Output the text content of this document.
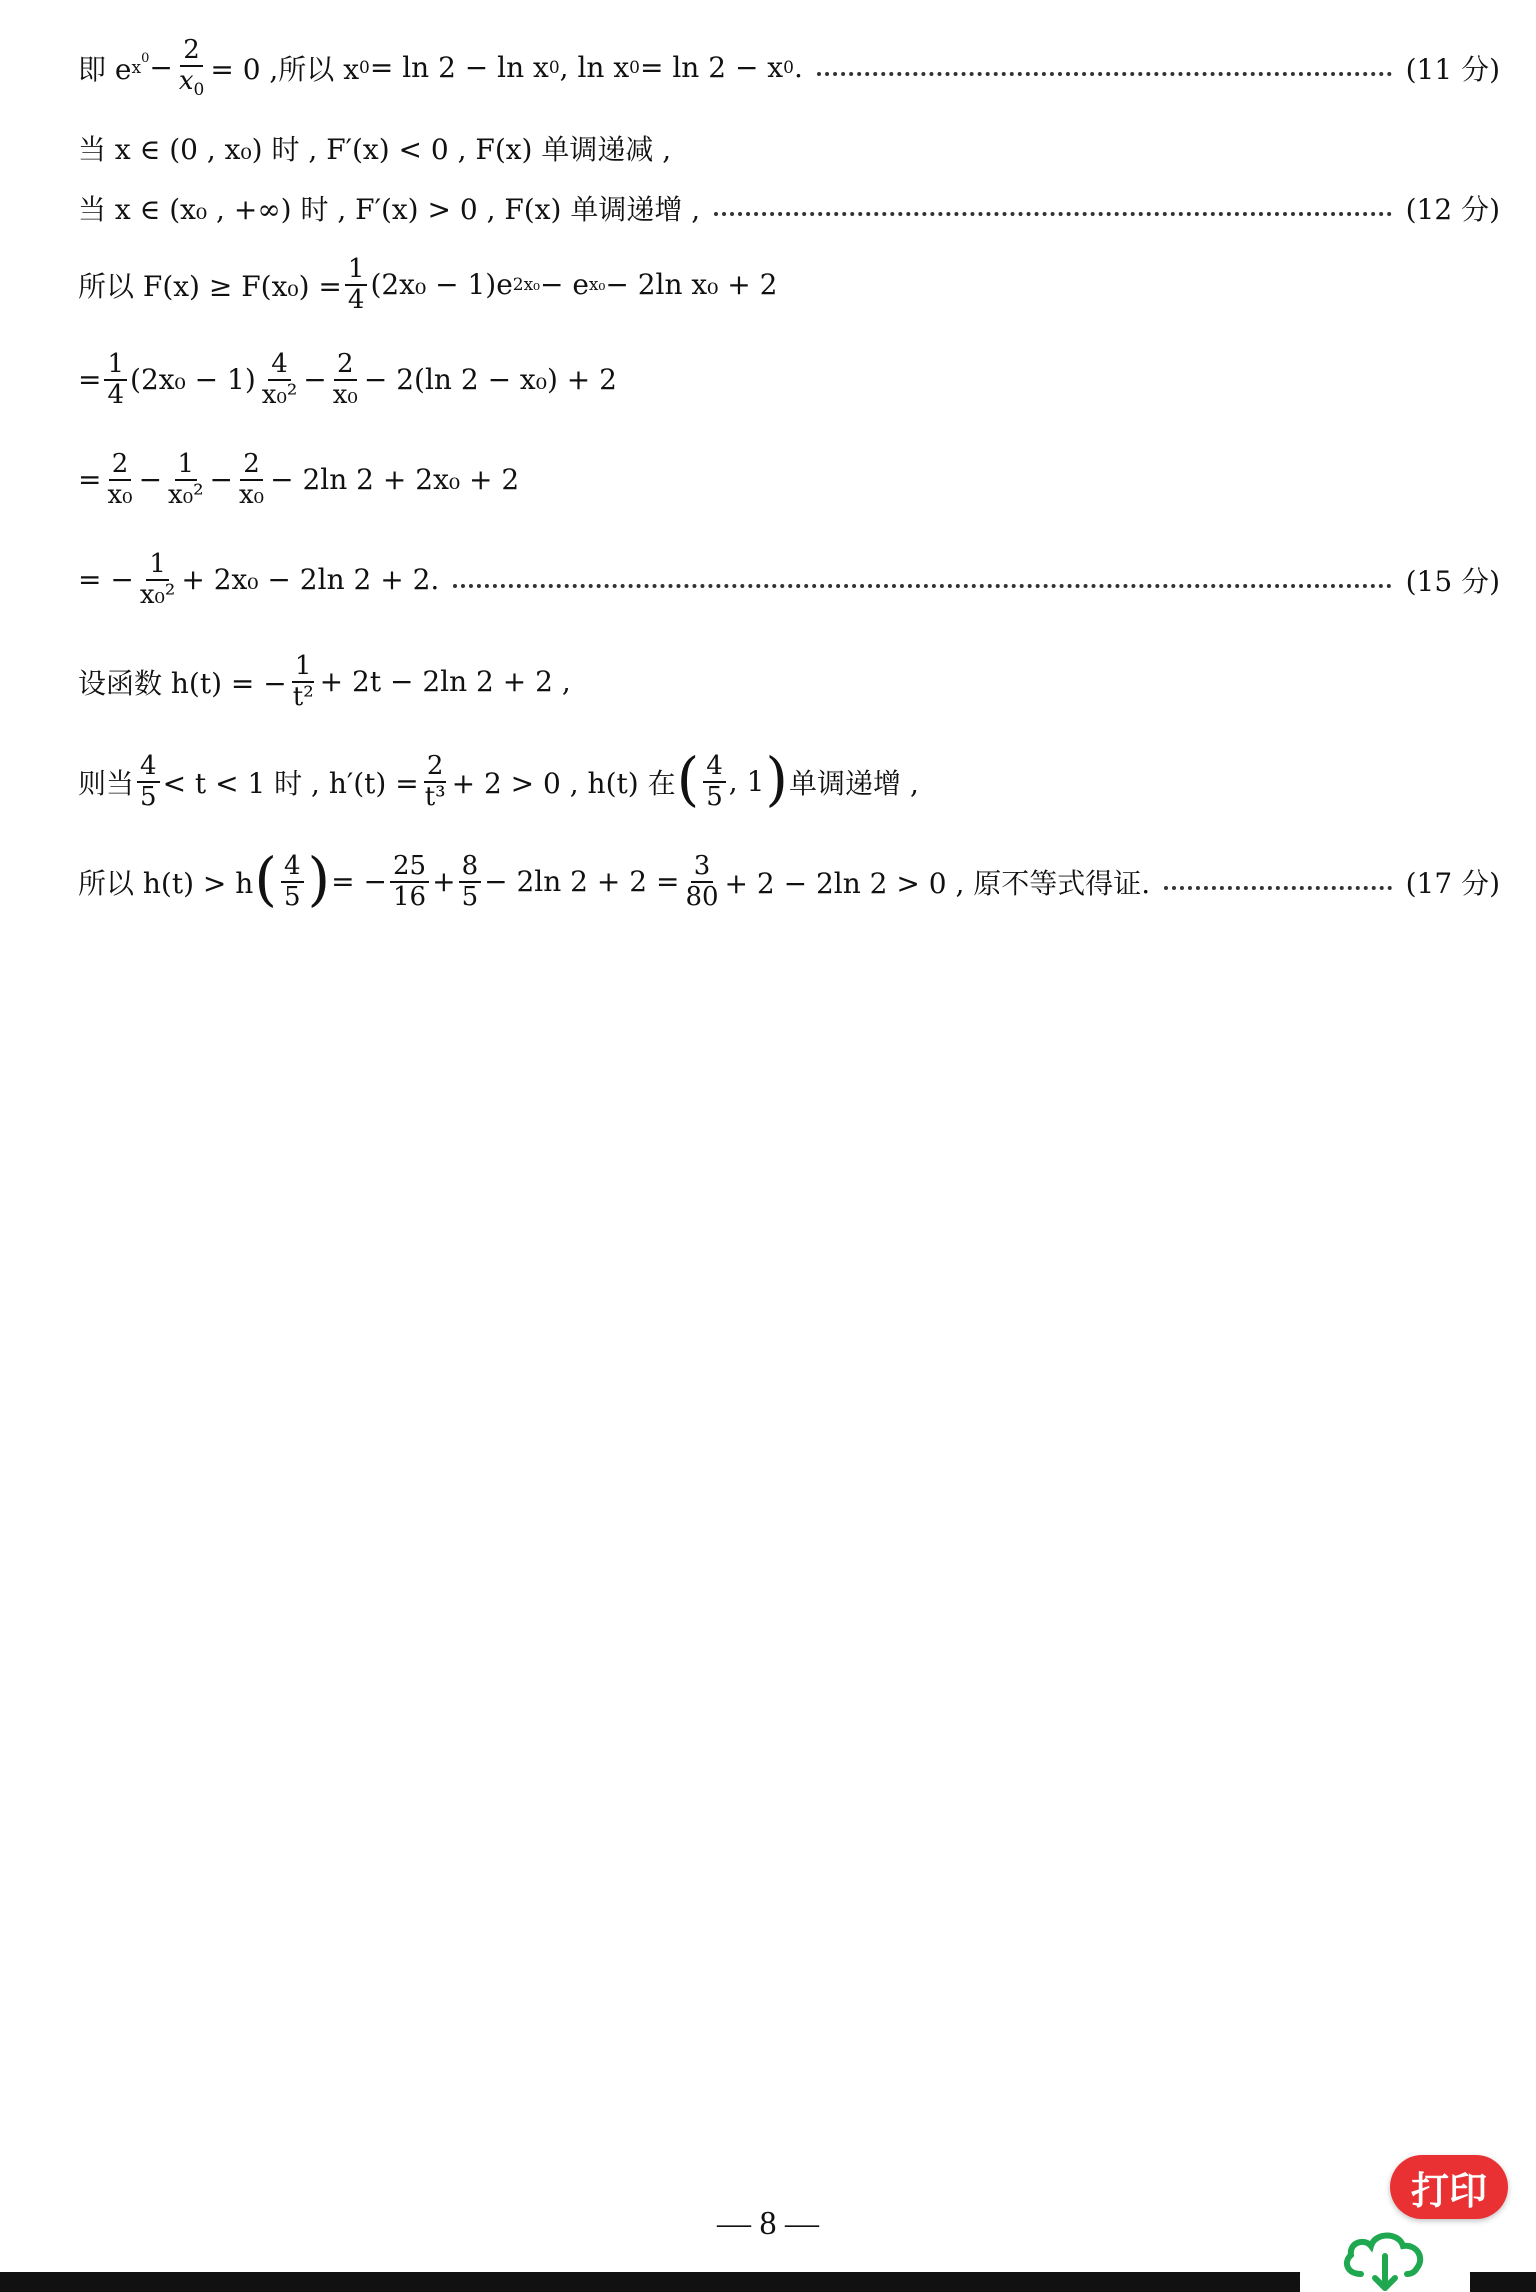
即 e $x^0 - \frac{2}{x_0} = 0$ ,所以 x 0 = ln 2 − ln x 0 , ln x 0 = ln 2 − x 0 .	(11 分)
当 x ∈ (0 , x₀) 时 , F′(x) < 0 , F(x) 单调递减 ,
当 x ∈ (x₀ , +∞) 时 , F′(x) > 0 , F(x) 单调递增 ,	(12 分)
所以 $F(x) \ge F(x_0) = \frac{1}{4} (2x_0 - 1)e$ 2x₀ − e x₀ − 2ln x₀ + 2
= $\frac{1}{4} (2x_0 - 1) \frac{4}{\text{x₀²}} - \frac{2}{\text{x₀}} - 2(\ln$ 2 − x₀) + 2
= $\frac{2}{\text{x₀}} - \frac{1}{\text{x₀²}} - \frac{2}{\text{x₀}} - 2\ln$ 2 + 2x₀ + 2
= − $\frac{1}{\text{x₀²}} + 2x_0 - 2\ln$ 2 + 2.	(15 分)
设函数 h(t) = − $\frac{1}{\text{t²}} + 2t - 2\ln$ 2 + 2 ,
则当 $\frac{4}{5} < t < 1$ 时 , $h'(t) = \frac{2}{\text{t³}} + 2 > 0$ , h(t) 在 ( $\frac{4}{5}$ , 1 ) 单调递增 ,
所以 h(t) > h ( $\frac{4}{5}$ ) = − $\frac{25}{16} + \frac{8}{5} - 2\ln$ $2 + 2 = \frac{3}{80} + 2 - 2\ln$ 2 > 0 , 原不等式得证.	(17 分)
— 8 —
打印
